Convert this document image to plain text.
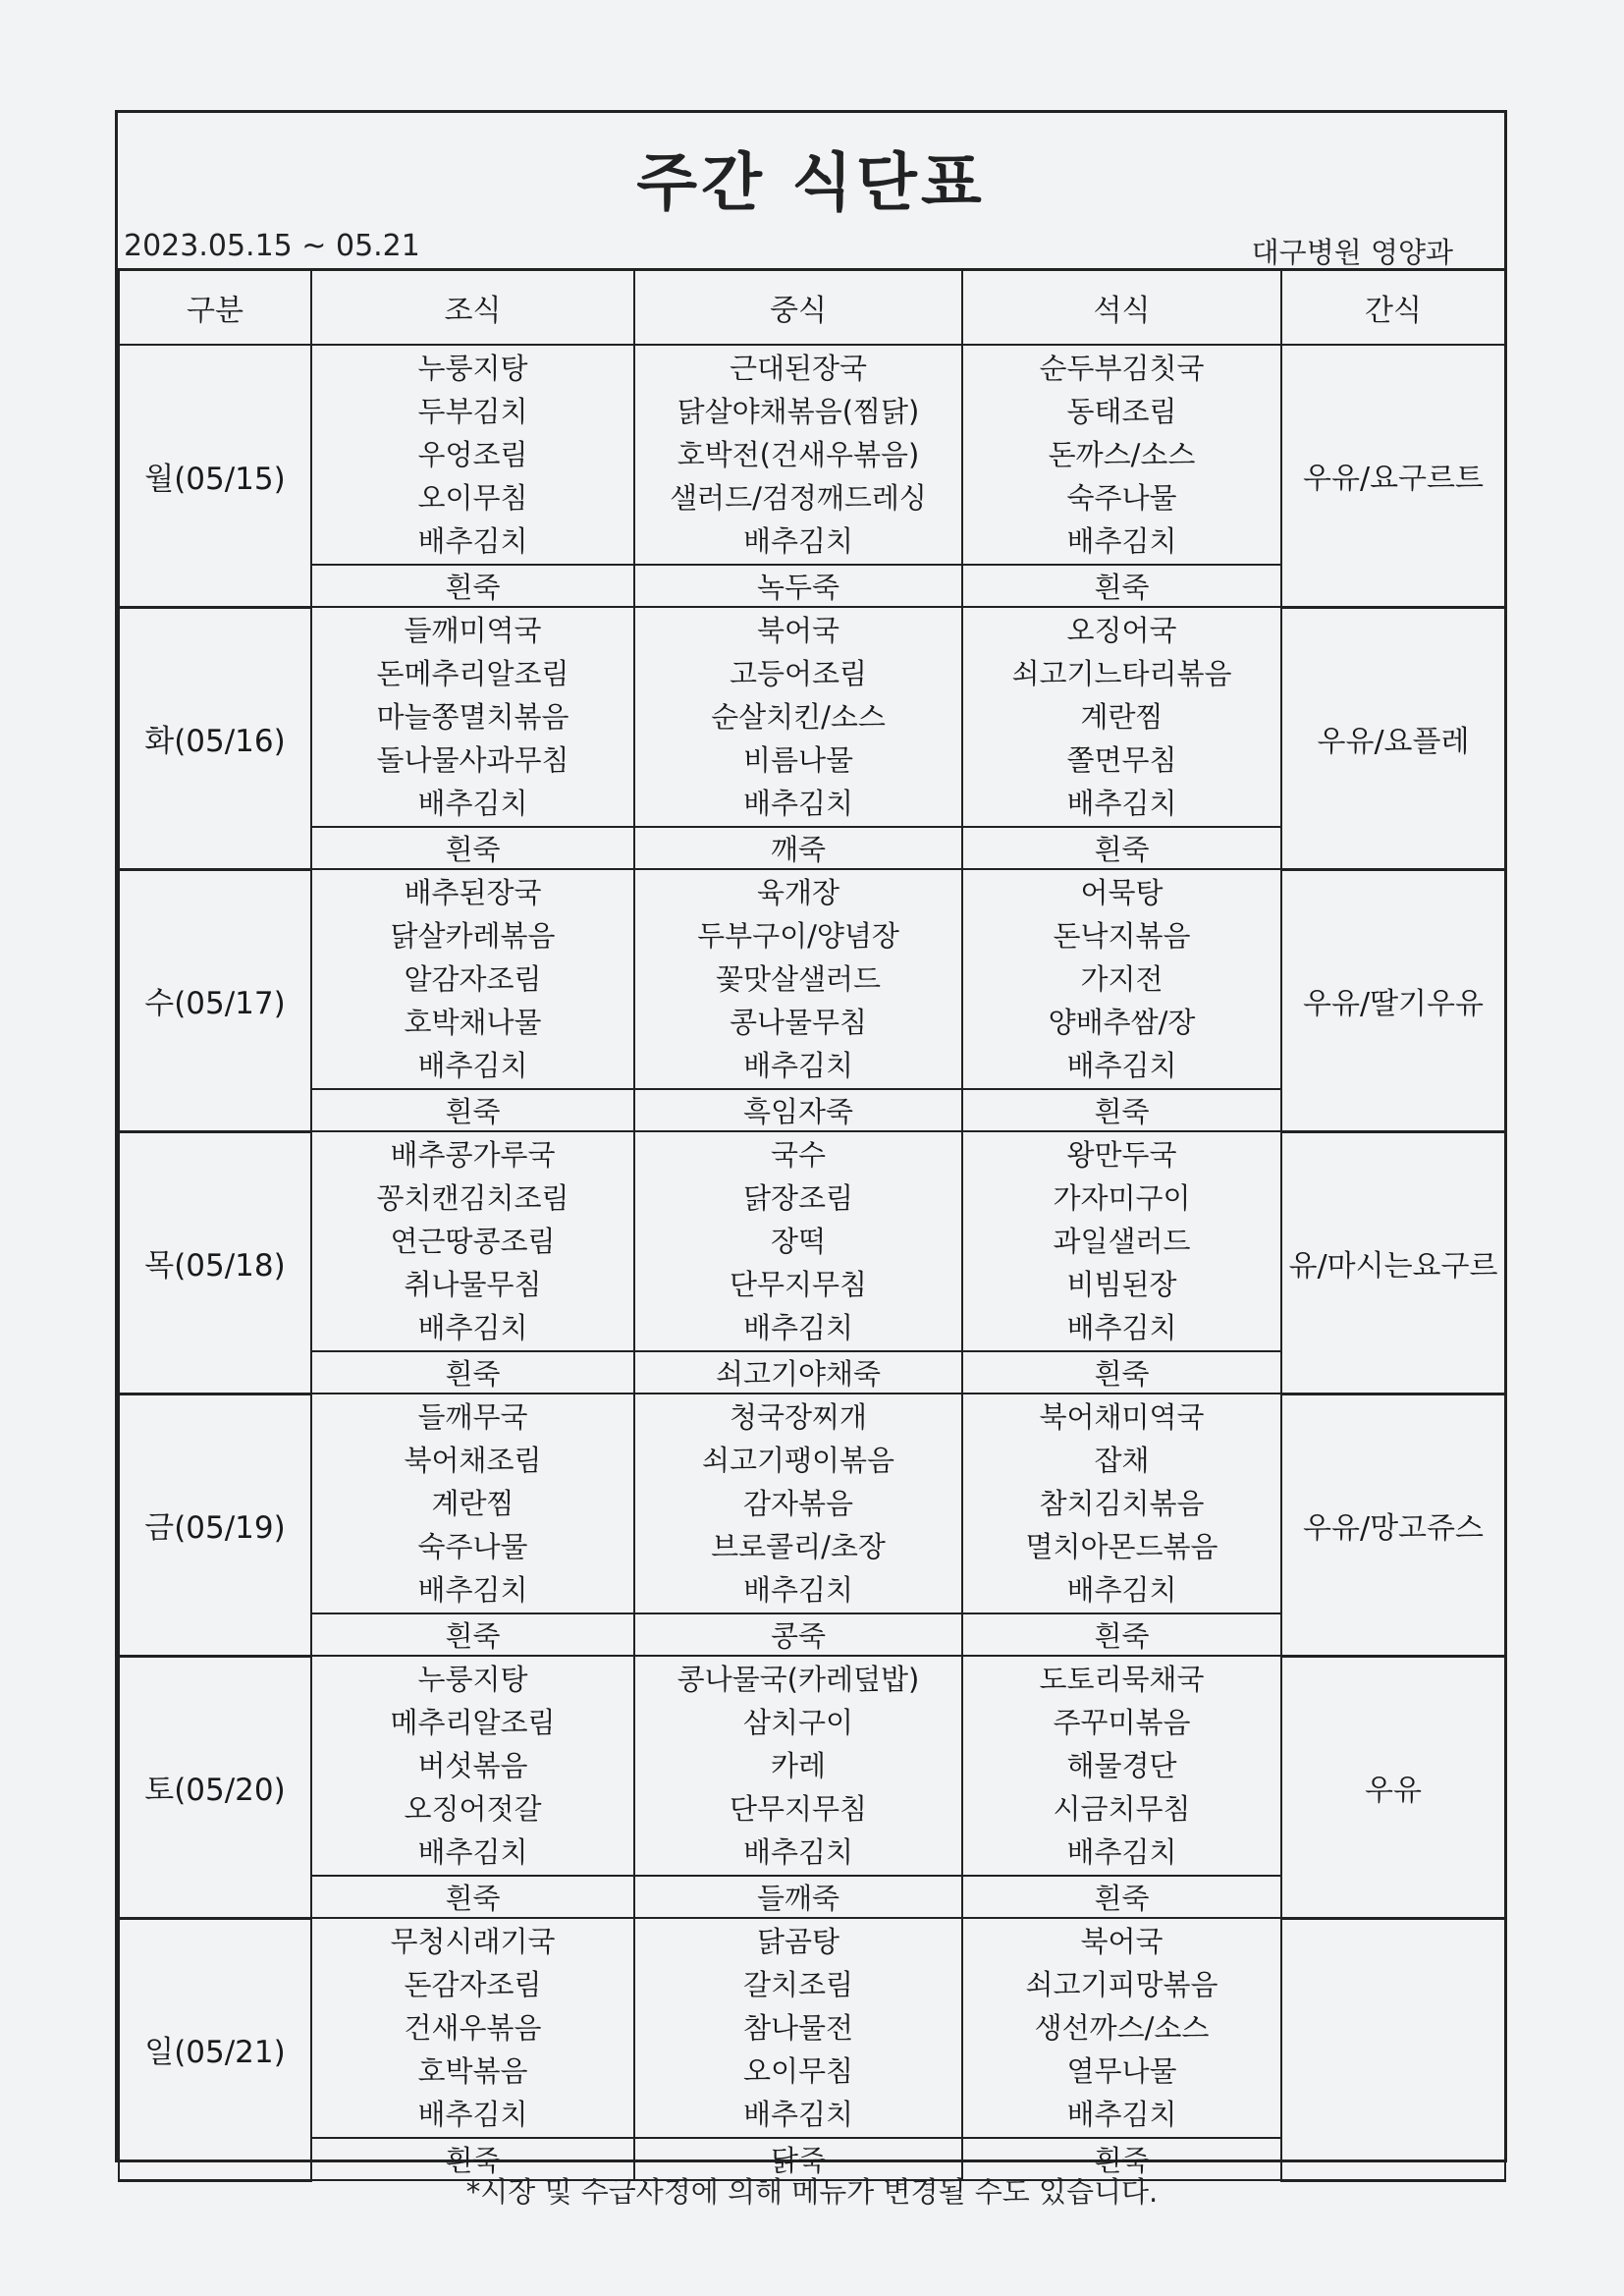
주간 식단표
2023.05.15 ~ 05.21	대구병원 영양과
구분	조식	중식	석식	간식
월(05/15)	누룽지탕
두부김치
우엉조림
오이무침
배추김치	근대된장국
닭살야채볶음(찜닭)
호박전(건새우볶음)
샐러드/검정깨드레싱
배추김치	순두부김칫국
동태조림
돈까스/소스
숙주나물
배추김치	우유/요구르트
	흰죽	녹두죽	흰죽	
화(05/16)	들깨미역국
돈메추리알조림
마늘쫑멸치볶음
돌나물사과무침
배추김치	북어국
고등어조림
순살치킨/소스
비름나물
배추김치	오징어국
쇠고기느타리볶음
계란찜
쫄면무침
배추김치	우유/요플레
	흰죽	깨죽	흰죽	
수(05/17)	배추된장국
닭살카레볶음
알감자조림
호박채나물
배추김치	육개장
두부구이/양념장
꽃맛살샐러드
콩나물무침
배추김치	어묵탕
돈낙지볶음
가지전
양배추쌈/장
배추김치	우유/딸기우유
	흰죽	흑임자죽	흰죽	
목(05/18)	배추콩가루국
꽁치캔김치조림
연근땅콩조림
취나물무침
배추김치	국수
닭장조림
장떡
단무지무침
배추김치	왕만두국
가자미구이
과일샐러드
비빔된장
배추김치	유/마시는요구르
	흰죽	쇠고기야채죽	흰죽	
금(05/19)	들깨무국
북어채조림
계란찜
숙주나물
배추김치	청국장찌개
쇠고기팽이볶음
감자볶음
브로콜리/초장
배추김치	북어채미역국
잡채
참치김치볶음
멸치아몬드볶음
배추김치	우유/망고쥬스
	흰죽	콩죽	흰죽	
토(05/20)	누룽지탕
메추리알조림
버섯볶음
오징어젓갈
배추김치	콩나물국(카레덮밥)
삼치구이
카레
단무지무침
배추김치	도토리묵채국
주꾸미볶음
해물경단
시금치무침
배추김치	우유
	흰죽	들깨죽	흰죽	
일(05/21)	무청시래기국
돈감자조림
건새우볶음
호박볶음
배추김치	닭곰탕
갈치조림
참나물전
오이무침
배추김치	북어국
쇠고기피망볶음
생선까스/소스
열무나물
배추김치	

	흰죽	닭죽	흰죽	
*시장 및 수급사정에 의해 메뉴가 변경될 수도 있습니다.
